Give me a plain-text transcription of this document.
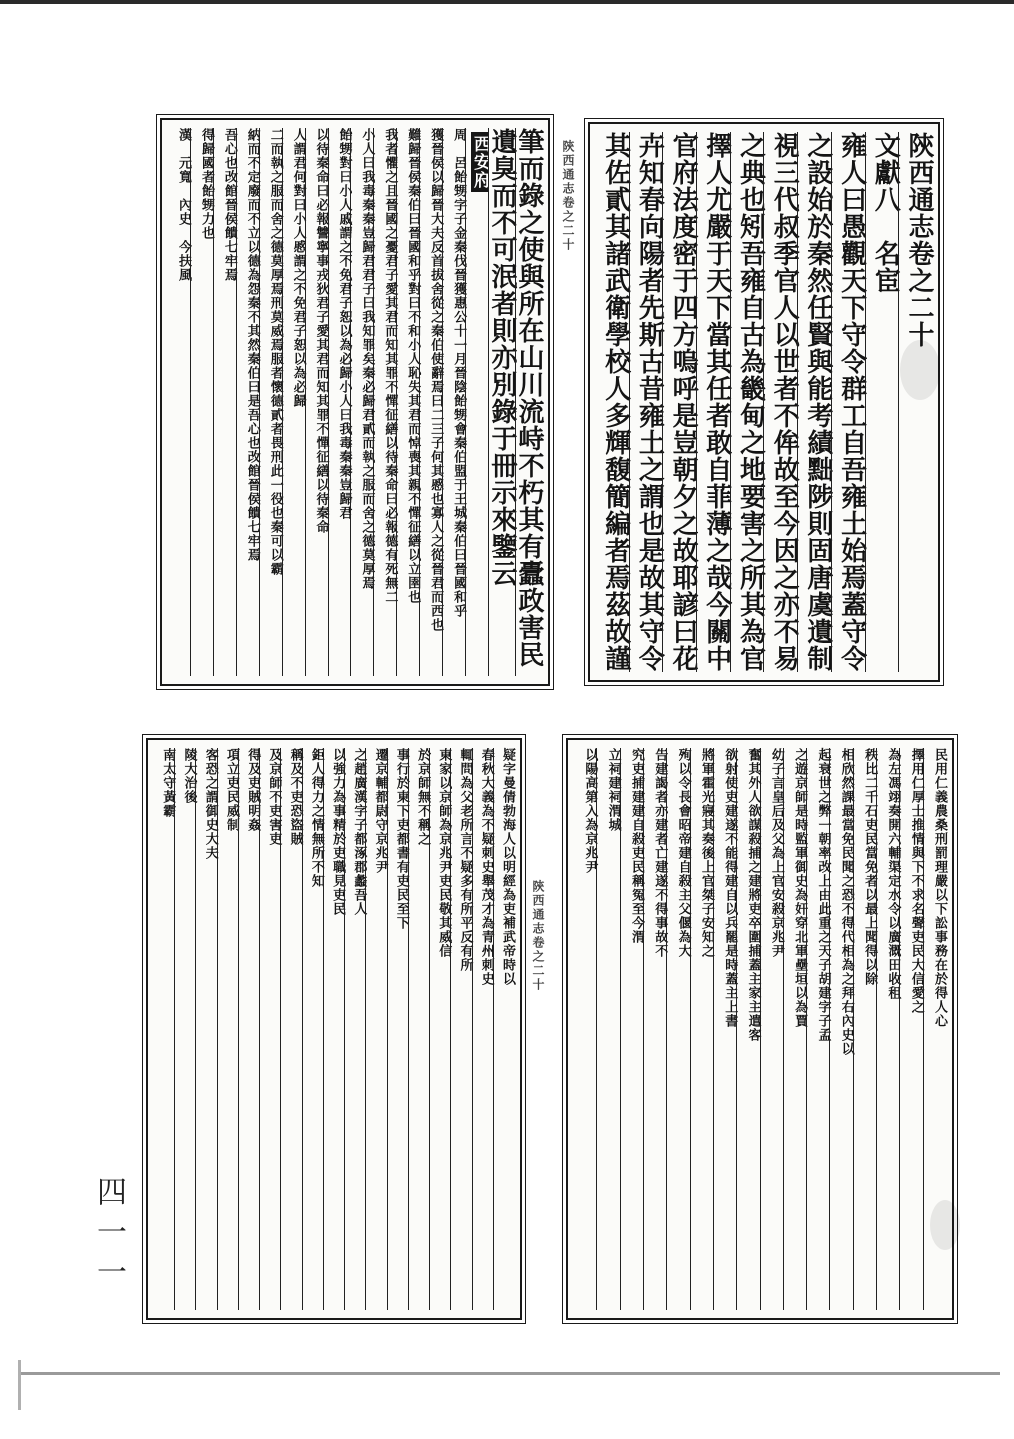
陝西通志卷之二十
文獻八　名宦
雍人曰愚觀天下守令群工自吾雍土始焉蓋守令
之設始於秦然任賢與能考績黜陟則固唐虞遺制
視三代叔季官人以世者不侔故至今因之亦不易
之典也矧吾雍自古為畿甸之地要害之所其為官
擇人尤嚴于天下當其任者敢自菲薄之哉今關中
官府法度密于四方嗚呼是豈朝夕之故耶諺曰花
卉知春向陽者先斯古昔雍土之謂也是故其守令
其佐貳其諸武衛學校人多輝馥簡編者焉茲故謹
筆而錄之使與所在山川流峙不朽其有蠹政害民
遺臭而不可泯者則亦別錄于冊示來鑒云
西安府
周　呂飴甥字子金秦伐晉獲惠公十一月晉陰飴甥會秦伯盟于王城秦伯曰晉國和乎
獲晉侯以歸晉大夫反首拔舍從之秦伯使辭焉曰二三子何其慼也寡人之從晉君而西也
難歸晉侯秦伯曰晉國和乎對曰不和小人恥失其君而悼喪其親不憚征繕以立圉也
我者懼之且晉國之憂君子愛其君而知其罪不憚征繕以待秦命曰必報德有死無二
小人曰我毒秦秦豈歸君君子曰我知罪矣秦必歸君貳而執之服而舍之德莫厚焉
飴甥對曰小人戚謂之不免君子恕以為必歸小人曰我毒秦秦豈歸君
以待秦命曰必報讐寧事戎狄君子愛其君而知其罪不憚征繕以待秦命
人謂君何對曰小人慼謂之不免君子恕以為必歸
二而執之服而舍之德莫厚焉刑莫威焉服者懷德貳者畏刑此一役也秦可以霸
納而不定廢而不立以德為怨秦不其然秦伯曰是吾心也改館晉侯饋七牢焉
吾心也改館晉侯饋七牢焉
得歸國者飴甥力也
漢　元寬　內史　今扶風	陝西通志卷之二十
民用仁義農桑刑罰理嚴以下訟事務在於得人心
擇用仁厚士推情與下不求名聲吏民大信愛之
為左馮翊奏開六輔渠定水令以廣溉田收租
秩比二千石吏民當免者以最上聞得以除
相欣然課最當免民聞之恐不得代相為之拜右內史以
起衰世之弊一朝率改上由此重之天子胡建字子孟
之遊京師是時監軍御史為奸穿北軍壘垣以為賈
幼子言皇后及父為上官安殺京兆尹
奮其外人欲謀殺捕之建將吏卒圍捕蓋主家主遣客
欲射使吏建遂不能得建自以兵罷是時蓋主上書
將軍霍光寢其奏後上官桀子安知之
殉以令長會昭帝建自殺主父偃為大
告建謁者亦建者亡建遂不得事故不
究吏捕建建自殺吏民稱冤至今渭
立祠建祠渭城
以陽高第入為京兆尹
疑字曼倩勃海人以明經為吏補武帝時以
春秋大義為不疑刺史舉茂才為青州刺史
輒問為父老所言不疑多有所平反有所
東家以京師為京兆尹吏民敬其威信
於京師無不稱之
事行於東下吏都書有吏民至下
遷京輔都尉守京兆尹
之趙廣漢字子都涿郡蠡吾人
以強力為事精於吏職見吏民
鉅人得力之情無所不知
稱及不吏恐盜賊
及京師不吏害吏
得及吏賊明姦
項立吏民威制
客恐之謂御史大夫
陵大治後
南太守黃霸
陝西通志卷之二十
四一一
